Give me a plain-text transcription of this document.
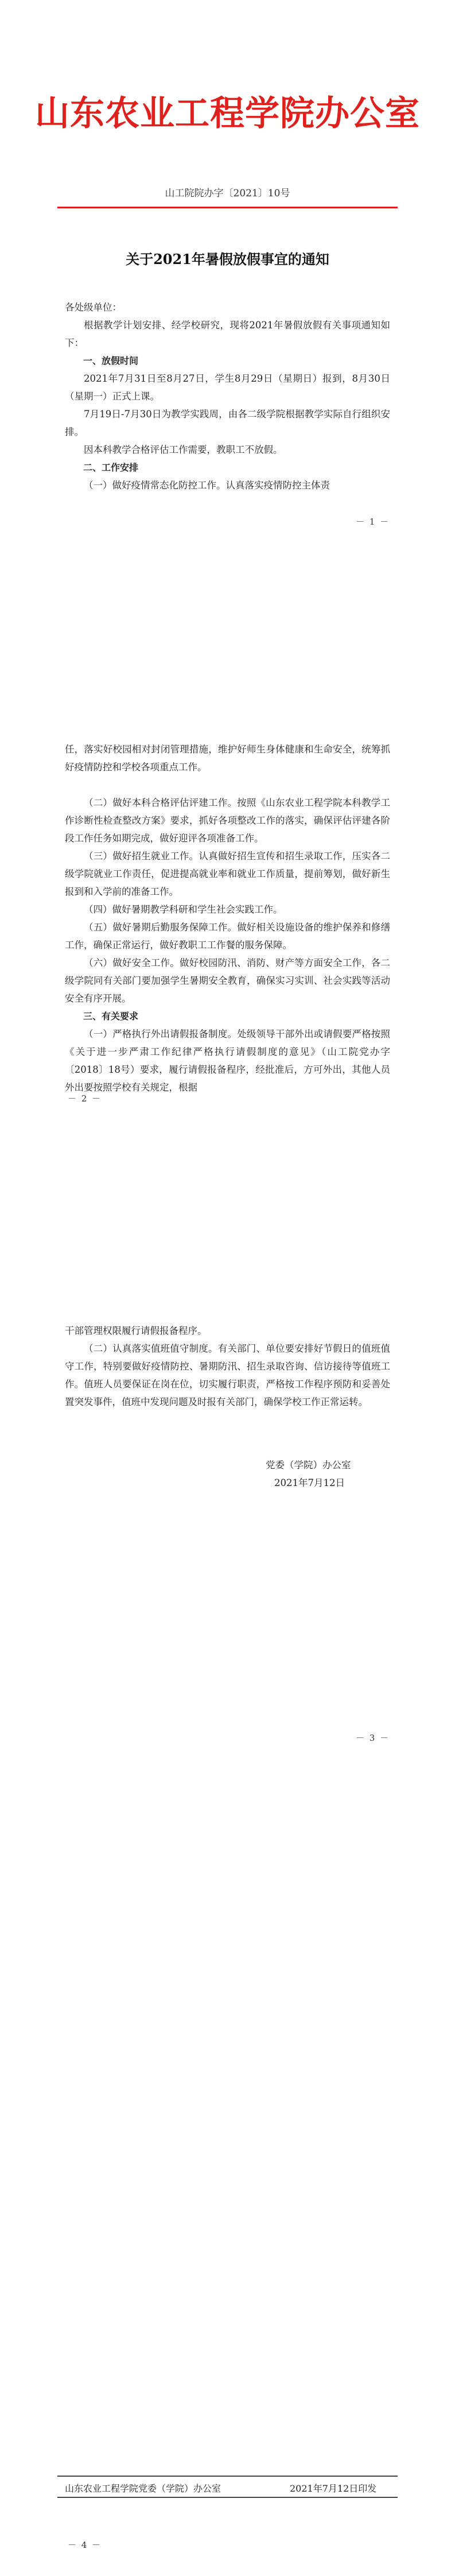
山东农业工程学院办公室
山工院院办字〔2021〕10号
关于2021年暑假放假事宜的通知

各处级单位：

根据教学计划安排、经学校研究，现将2021年暑假放假有关事项通知如下：

一、放假时间

2021年7月31日至8月27日，学生8月29日（星期日）报到，8月30日（星期一）正式上课。

7月19日-7月30日为教学实践周，由各二级学院根据教学实际自行组织安排。

因本科教学合格评估工作需要，教职工不放假。

二、工作安排

（一）做好疫情常态化防控工作。认真落实疫情防控主体责

－ 1 －

任，落实好校园相对封闭管理措施，维护好师生身体健康和生命安全，统筹抓好疫情防控和学校各项重点工作。

（二）做好本科合格评估评建工作。按照《山东农业工程学院本科教学工作诊断性检查整改方案》要求，抓好各项整改工作的落实，确保评估评建各阶段工作任务如期完成，做好迎评各项准备工作。

（三）做好招生就业工作。认真做好招生宣传和招生录取工作，压实各二级学院就业工作责任，促进提高就业率和就业工作质量，提前筹划，做好新生报到和入学前的准备工作。

（四）做好暑期教学科研和学生社会实践工作。

（五）做好暑期后勤服务保障工作。做好相关设施设备的维护保养和修缮工作，确保正常运行，做好教职工工作餐的服务保障。

（六）做好安全工作。做好校园防汛、消防、财产等方面安全工作，各二级学院同有关部门要加强学生暑期安全教育，确保实习实训、社会实践等活动安全有序开展。

三、有关要求

（一）严格执行外出请假报备制度。处级领导干部外出或请假要严格按照《关于进一步严肃工作纪律严格执行请假制度的意见》（山工院党办字〔2018〕18号）要求，履行请假报备程序，经批准后，方可外出，其他人员外出要按照学校有关规定，根据

－ 2 －

干部管理权限履行请假报备程序。

（二）认真落实值班值守制度。有关部门、单位要安排好节假日的值班值守工作，特别要做好疫情防控、暑期防汛、招生录取咨询、信访接待等值班工作。值班人员要保证在岗在位，切实履行职责，严格按工作程序预防和妥善处置突发事件，值班中发现问题及时报有关部门，确保学校工作正常运转。

党委（学院）办公室
2021年7月12日
－ 3 －
山东农业工程学院党委（学院）办公室	2021年7月12日印发
－ 4 －
